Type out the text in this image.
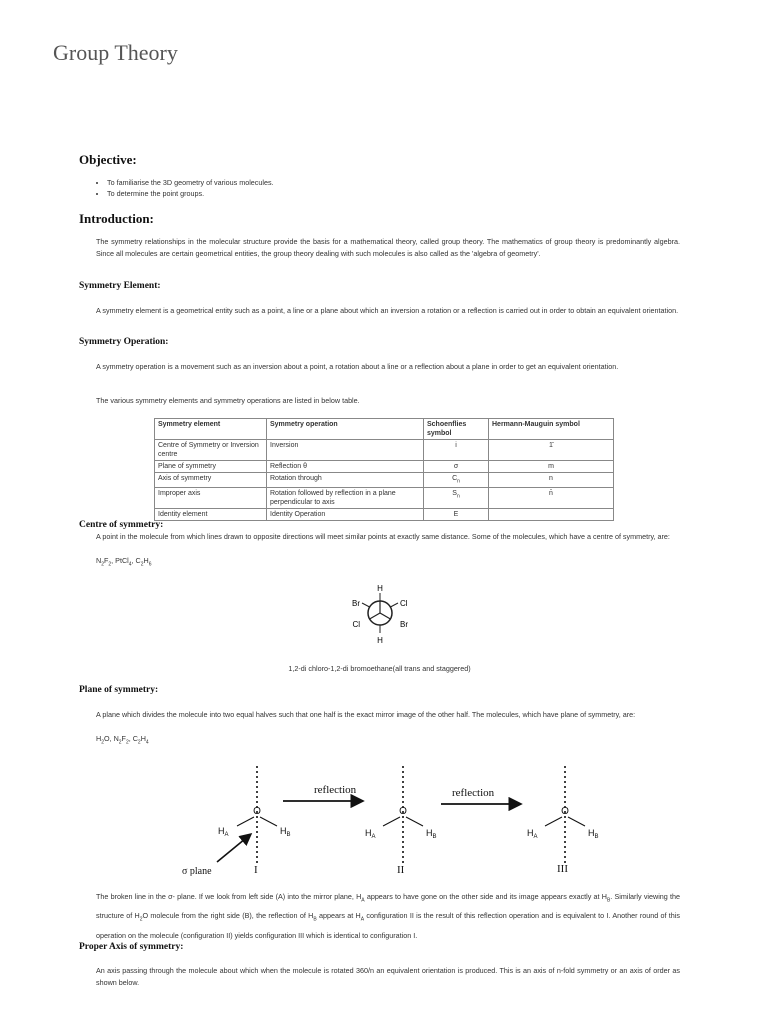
Group Theory
Objective:
• To familiarise the 3D geometry of various molecules.
• To determine the point groups.
Introduction:

The symmetry relationships in the molecular structure provide the basis for a mathematical theory, called group theory. The mathematics of group theory is predominantly algebra. Since all molecules are certain geometrical entities, the group theory dealing with such molecules is also called as the 'algebra of geometry'.

Symmetry Element:

A symmetry element is a geometrical entity such as a point, a line or a plane about which an inversion a rotation or a reflection is carried out in order to obtain an equivalent orientation.

Symmetry Operation:

A symmetry operation is a movement such as an inversion about a point, a rotation about a line or a reflection about a plane in order to get an equivalent orientation.

The various symmetry elements and symmetry operations are listed in below table.

Symmetry element	Symmetry operation	Schoenflies symbol	Hermann-Mauguin symbol
Centre of Symmetry or Inversion centre	Inversion	i	1̄
Plane of symmetry	Reflection θ	σ	m
Axis of symmetry	Rotation through	$C_n$	n
Improper axis	Rotation followed by reflection in a plane perpendicular to axis	$S_n$	n̄
Identity element	Identity Operation	E	
Centre of symmetry:

A point in the molecule from which lines drawn to opposite directions will meet similar points at exactly same distance. Some of the molecules, which have a centre of symmetry, are:

$N_2F_2$, PtCl$_4$, $C_2H_6$

H
H
Br	Cl
Cl	Br
1,2-di chloro-1,2-di bromoethane(all trans and staggered)
Plane of symmetry:

A plane which divides the molecule into two equal halves such that one half is the exact mirror image of the other half. The molecules, which have plane of symmetry, are:

$H_2O$, $N_2F_2$, $C_2H_4$

O
$H_A$	$H_B$
σ plane	I
reflection
O
$H_A$	$H_B$
II
reflection
O
$H_A$	$H_B$
III

The broken line in the σ- plane. If we look from left side (A) into the mirror plane, $H_A$ appears to have gone on the other side and its image appears exactly at $H_B$. Similarly viewing the structure of $H_2O$ molecule from the right side (B), the reflection of $H_B$ appears at $H_A$ configuration II is the result of this reflection operation and is equivalent to I. Another round of this operation on the molecule (configuration II) yields configuration III which is identical to configuration I.

Proper Axis of symmetry:

An axis passing through the molecule about which when the molecule is rotated 360/n an equivalent orientation is produced. This is an axis of n-fold symmetry or an axis of order as shown below.
